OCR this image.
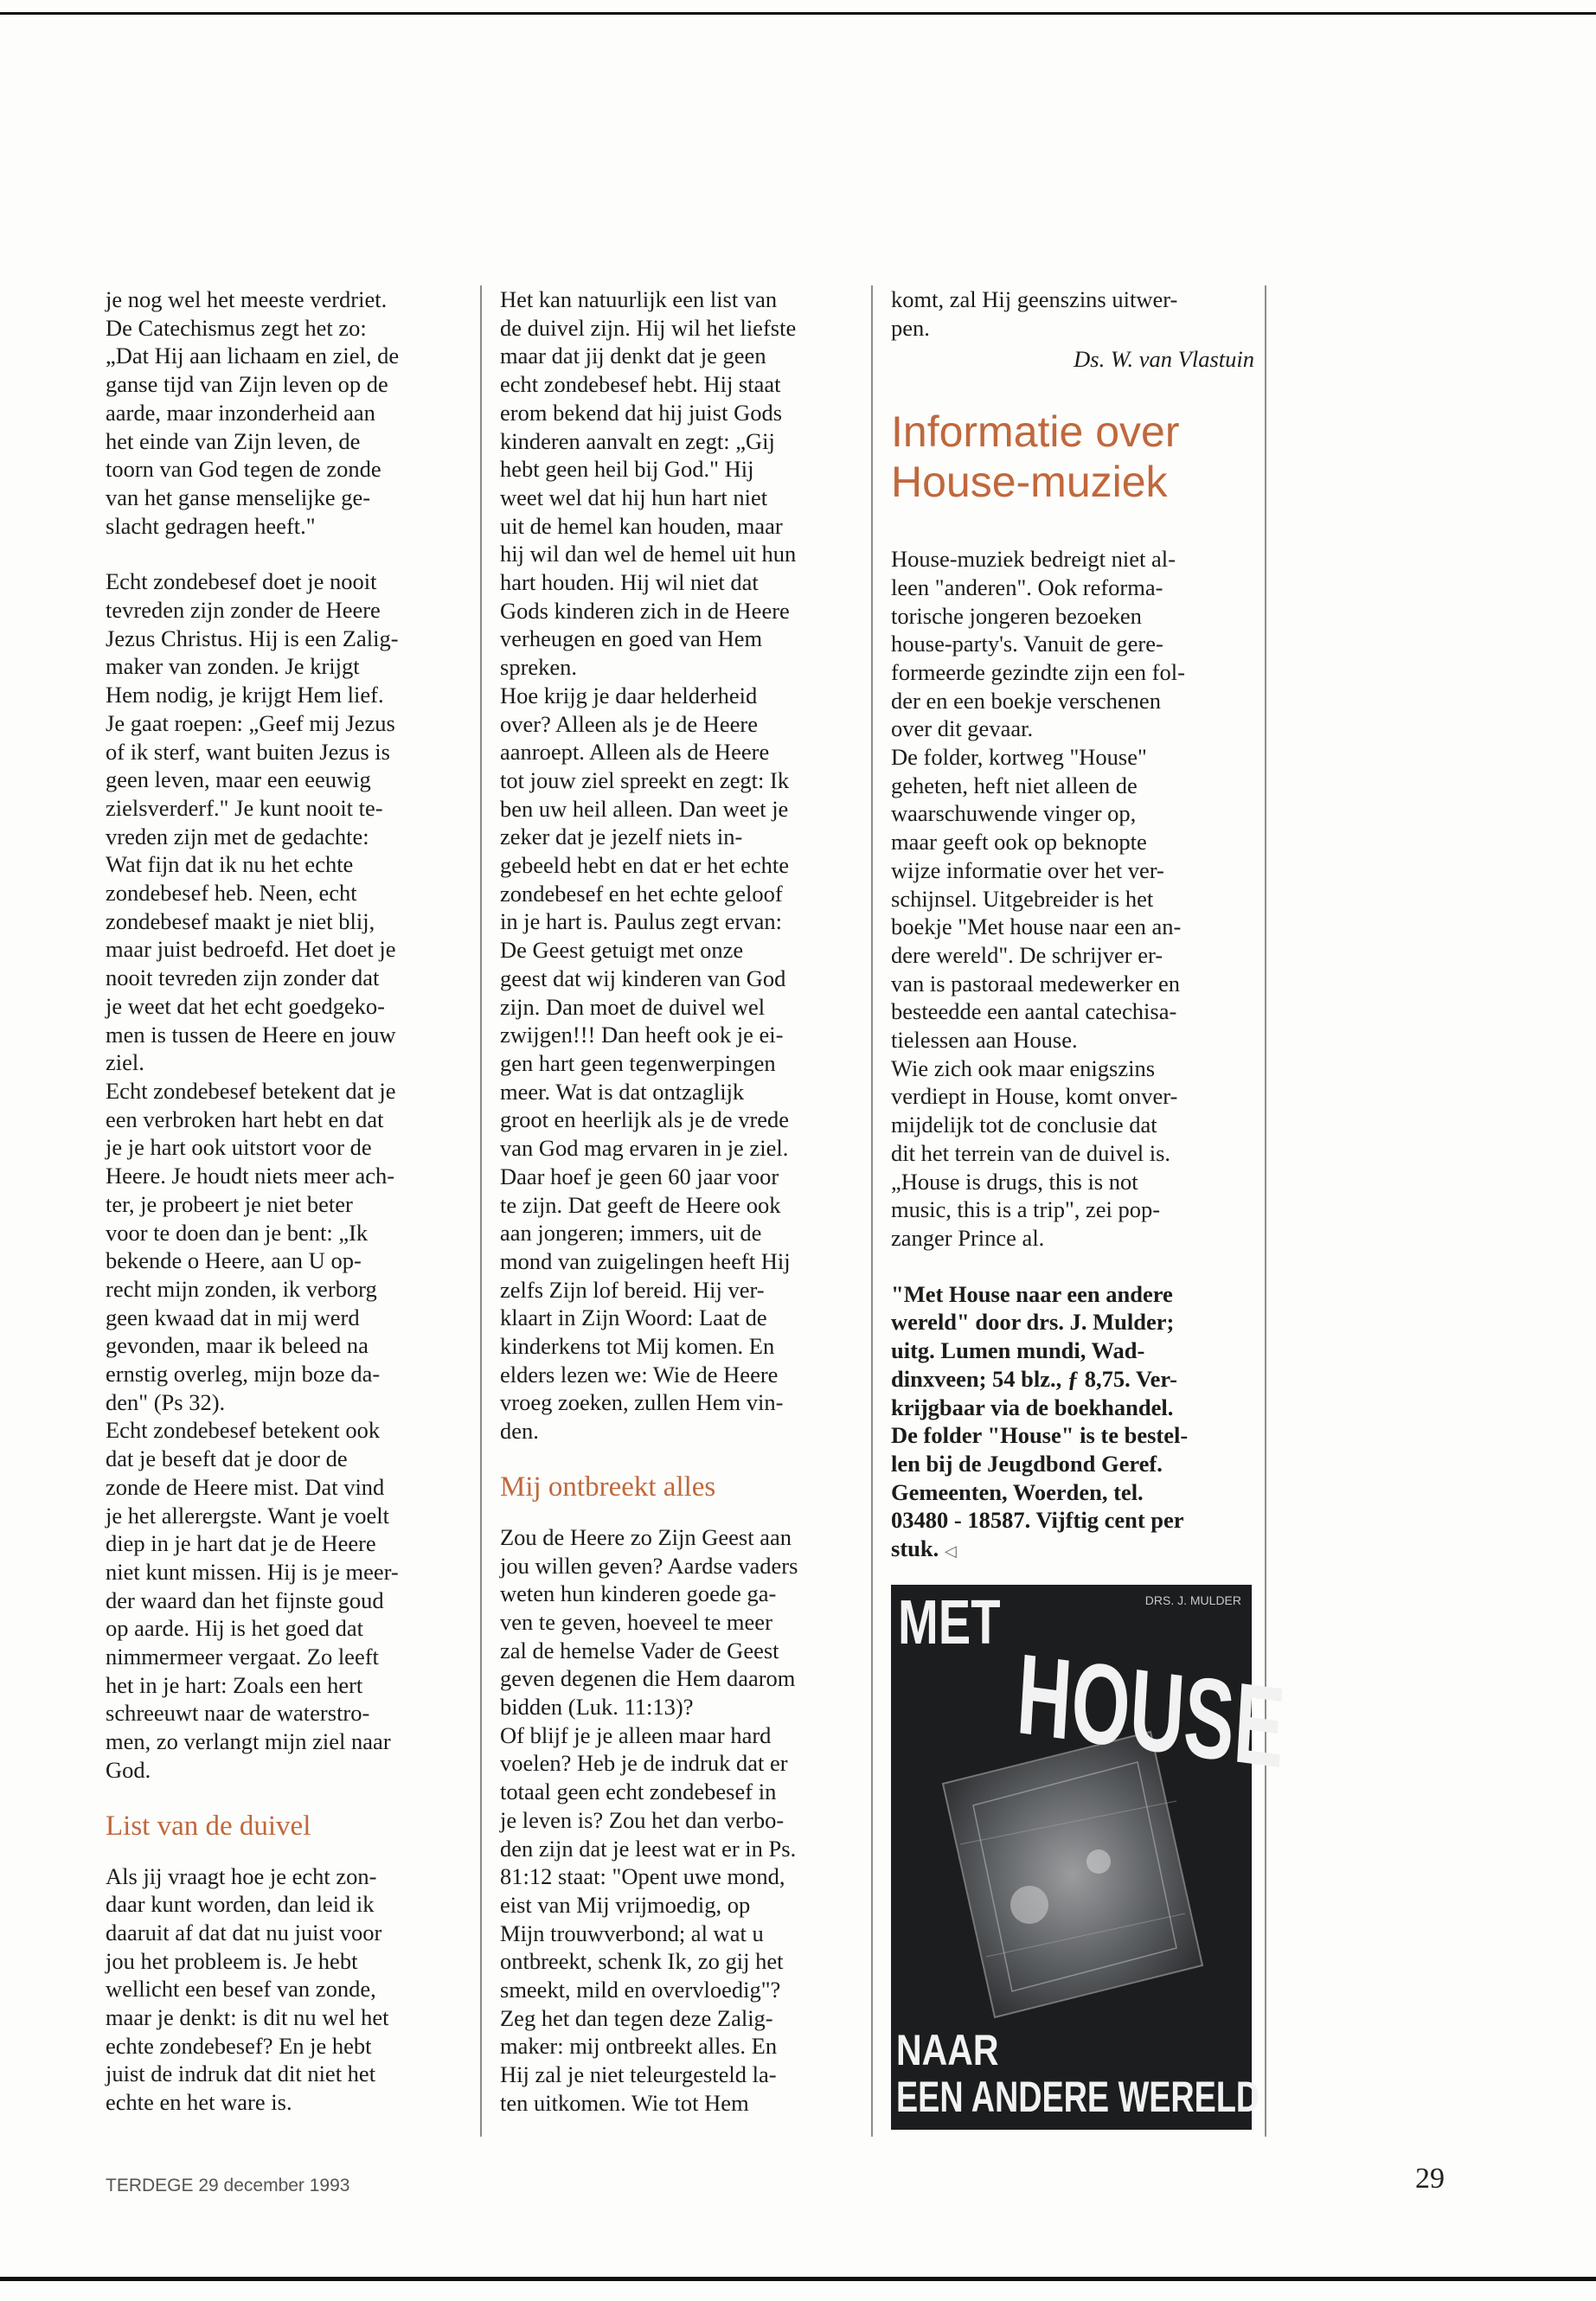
je nog wel het meeste verdriet.
De Catechismus zegt het zo:
„Dat Hij aan lichaam en ziel, de
ganse tijd van Zijn leven op de
aarde, maar inzonderheid aan
het einde van Zijn leven, de
toorn van God tegen de zonde
van het ganse menselijke ge-
slacht gedragen heeft."

Echt zondebesef doet je nooit
tevreden zijn zonder de Heere
Jezus Christus. Hij is een Zalig-
maker van zonden. Je krijgt
Hem nodig, je krijgt Hem lief.
Je gaat roepen: „Geef mij Jezus
of ik sterf, want buiten Jezus is
geen leven, maar een eeuwig
zielsverderf." Je kunt nooit te-
vreden zijn met de gedachte:
Wat fijn dat ik nu het echte
zondebesef heb. Neen, echt
zondebesef maakt je niet blij,
maar juist bedroefd. Het doet je
nooit tevreden zijn zonder dat
je weet dat het echt goedgeko-
men is tussen de Heere en jouw
ziel.
Echt zondebesef betekent dat je
een verbroken hart hebt en dat
je je hart ook uitstort voor de
Heere. Je houdt niets meer ach-
ter, je probeert je niet beter
voor te doen dan je bent: „Ik
bekende o Heere, aan U op-
recht mijn zonden, ik verborg
geen kwaad dat in mij werd
gevonden, maar ik beleed na
ernstig overleg, mijn boze da-
den" (Ps 32).
Echt zondebesef betekent ook
dat je beseft dat je door de
zonde de Heere mist. Dat vind
je het allerergste. Want je voelt
diep in je hart dat je de Heere
niet kunt missen. Hij is je meer-
der waard dan het fijnste goud
op aarde. Hij is het goed dat
nimmermeer vergaat. Zo leeft
het in je hart: Zoals een hert
schreeuwt naar de waterstro-
men, zo verlangt mijn ziel naar
God.

List van de duivel

Als jij vraagt hoe je echt zon-
daar kunt worden, dan leid ik
daaruit af dat dat nu juist voor
jou het probleem is. Je hebt
wellicht een besef van zonde,
maar je denkt: is dit nu wel het
echte zondebesef? En je hebt
juist de indruk dat dit niet het
echte en het ware is.

Het kan natuurlijk een list van
de duivel zijn. Hij wil het liefste
maar dat jij denkt dat je geen
echt zondebesef hebt. Hij staat
erom bekend dat hij juist Gods
kinderen aanvalt en zegt: „Gij
hebt geen heil bij God." Hij
weet wel dat hij hun hart niet
uit de hemel kan houden, maar
hij wil dan wel de hemel uit hun
hart houden. Hij wil niet dat
Gods kinderen zich in de Heere
verheugen en goed van Hem
spreken.
Hoe krijg je daar helderheid
over? Alleen als je de Heere
aanroept. Alleen als de Heere
tot jouw ziel spreekt en zegt: Ik
ben uw heil alleen. Dan weet je
zeker dat je jezelf niets in-
gebeeld hebt en dat er het echte
zondebesef en het echte geloof
in je hart is. Paulus zegt ervan:
De Geest getuigt met onze
geest dat wij kinderen van God
zijn. Dan moet de duivel wel
zwijgen!!! Dan heeft ook je ei-
gen hart geen tegenwerpingen
meer. Wat is dat ontzaglijk
groot en heerlijk als je de vrede
van God mag ervaren in je ziel.
Daar hoef je geen 60 jaar voor
te zijn. Dat geeft de Heere ook
aan jongeren; immers, uit de
mond van zuigelingen heeft Hij
zelfs Zijn lof bereid. Hij ver-
klaart in Zijn Woord: Laat de
kinderkens tot Mij komen. En
elders lezen we: Wie de Heere
vroeg zoeken, zullen Hem vin-
den.

Mij ontbreekt alles

Zou de Heere zo Zijn Geest aan
jou willen geven? Aardse vaders
weten hun kinderen goede ga-
ven te geven, hoeveel te meer
zal de hemelse Vader de Geest
geven degenen die Hem daarom
bidden (Luk. 11:13)?
Of blijf je je alleen maar hard
voelen? Heb je de indruk dat er
totaal geen echt zondebesef in
je leven is? Zou het dan verbo-
den zijn dat je leest wat er in Ps.
81:12 staat: "Opent uwe mond,
eist van Mij vrijmoedig, op
Mijn trouwverbond; al wat u
ontbreekt, schenk Ik, zo gij het
smeekt, mild en overvloedig"?
Zeg het dan tegen deze Zalig-
maker: mij ontbreekt alles. En
Hij zal je niet teleurgesteld la-
ten uitkomen. Wie tot Hem

komt, zal Hij geenszins uitwer-
pen.

Ds. W. van Vlastuin
Informatie over
House-muziek

House-muziek bedreigt niet al-
leen "anderen". Ook reforma-
torische jongeren bezoeken
house-party's. Vanuit de gere-
formeerde gezindte zijn een fol-
der en een boekje verschenen
over dit gevaar.
De folder, kortweg "House"
geheten, heft niet alleen de
waarschuwende vinger op,
maar geeft ook op beknopte
wijze informatie over het ver-
schijnsel. Uitgebreider is het
boekje "Met house naar een an-
dere wereld". De schrijver er-
van is pastoraal medewerker en
besteedde een aantal catechisa-
tielessen aan House.
Wie zich ook maar enigszins
verdiept in House, komt onver-
mijdelijk tot de conclusie dat
dit het terrein van de duivel is.
„House is drugs, this is not
music, this is a trip", zei pop-
zanger Prince al.

"Met House naar een andere
wereld" door drs. J. Mulder;
uitg. Lumen mundi, Wad-
dinxveen; 54 blz., ƒ 8,75. Ver-
krijgbaar via de boekhandel.
De folder "House" is te bestel-
len bij de Jeugdbond Geref.
Gemeenten, Woerden, tel.
03480 - 18587. Vijftig cent per
stuk. ◁

DRS. J. MULDER
MET
HOUSE
NAAR
EEN ANDERE WERELD
TERDEGE 29 december 1993	29
